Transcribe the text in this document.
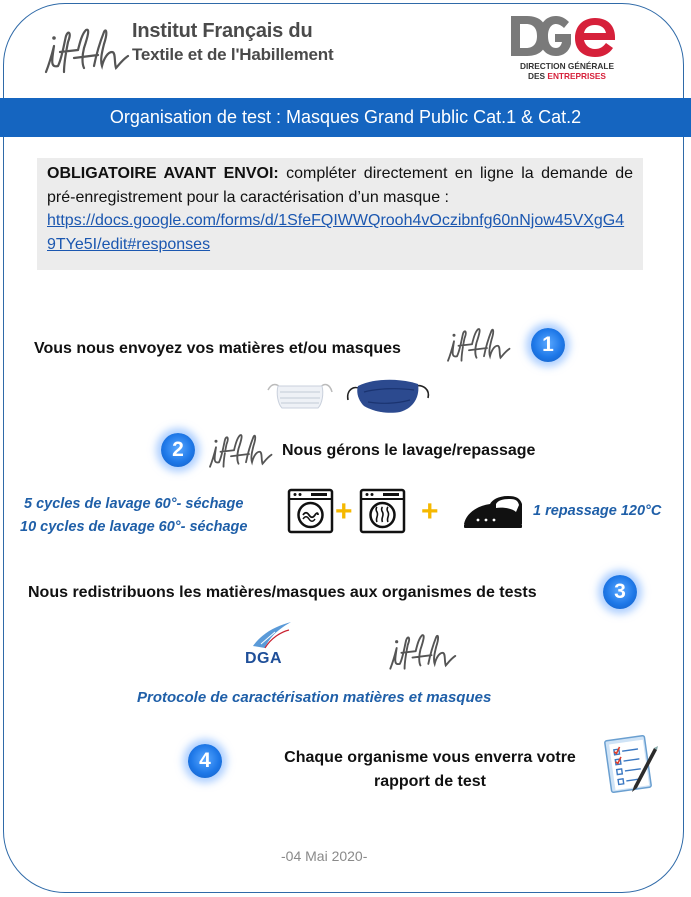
Institut Français du
Textile et de l'Habillement
DIRECTION GÉNÉRALE
DES ENTREPRISES
Organisation de test : Masques Grand Public Cat.1 & Cat.2
OBLIGATOIRE AVANT ENVOI: compléter directement en ligne la demande de pré-enregistrement pour la caractérisation d’un masque :
https://docs.google.com/forms/d/1SfeFQIWWQrooh4vOczibnfg60nNjow45VXgG49TYe5I/edit#responses
Vous nous envoyez vos matières et/ou masques	1
2	Nous gérons le lavage/repassage
5 cycles de lavage 60°- séchage
10 cycles de lavage 60°- séchage	+ +	1 repassage 120°C
Nous redistribuons les matières/masques aux organismes de tests	3
DGA
Protocole de caractérisation matières et masques
4	Chaque organisme vous enverra votre
rapport de test
-04 Mai 2020-
